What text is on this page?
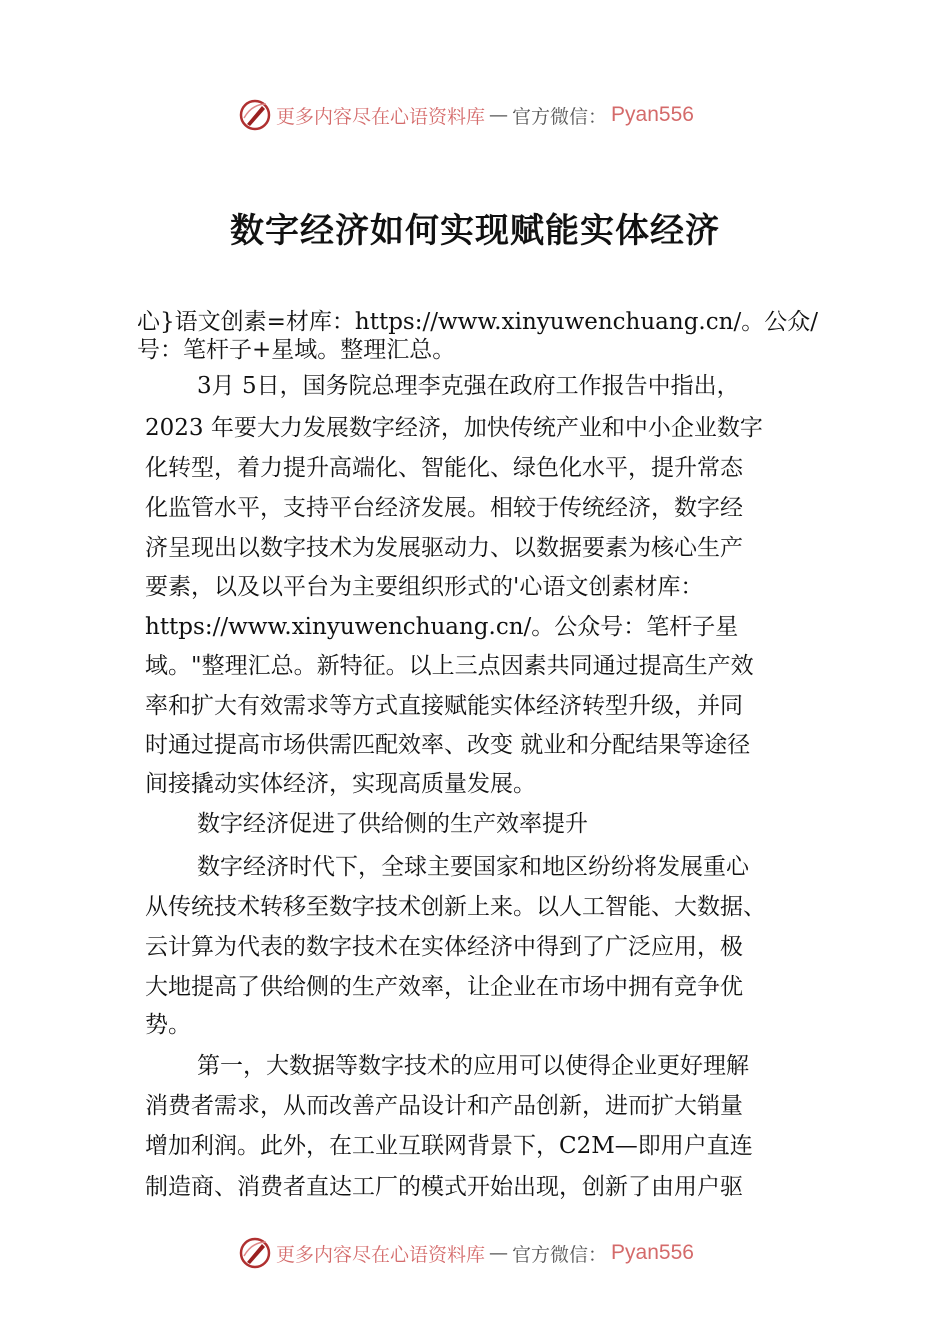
更多内容尽在心语资料库 — 官方微信： Pyan556
数字经济如何实现赋能实体经济
心}语文创素=材库：https://www.xinyuwenchuang.cn/。公众/
号：笔杆子+星域。整理汇总。
3月 5日，国务院总理李克强在政府工作报告中指出，
2023 年要大力发展数字经济，加快传统产业和中小企业数字
化转型，着力提升高端化、智能化、绿色化水平，提升常态
化监管水平，支持平台经济发展。相较于传统经济，数字经
济呈现出以数字技术为发展驱动力、以数据要素为核心生产
要素，以及以平台为主要组织形式的'心语文创素材库：
https://www.xinyuwenchuang.cn/。公众号：笔杆子星
域。"整理汇总。新特征。以上三点因素共同通过提高生产效
率和扩大有效需求等方式直接赋能实体经济转型升级，并同
时通过提高市场供需匹配效率、改变 就业和分配结果等途径
间接撬动实体经济，实现高质量发展。
数字经济促进了供给侧的生产效率提升
数字经济时代下，全球主要国家和地区纷纷将发展重心
从传统技术转移至数字技术创新上来。以人工智能、大数据、
云计算为代表的数字技术在实体经济中得到了广泛应用，极
大地提高了供给侧的生产效率，让企业在市场中拥有竞争优
势。
第一，大数据等数字技术的应用可以使得企业更好理解
消费者需求，从而改善产品设计和产品创新，进而扩大销量
增加利润。此外，在工业互联网背景下，C2M—即用户直连
制造商、消费者直达工厂的模式开始出现，创新了由用户驱
更多内容尽在心语资料库 — 官方微信： Pyan556
